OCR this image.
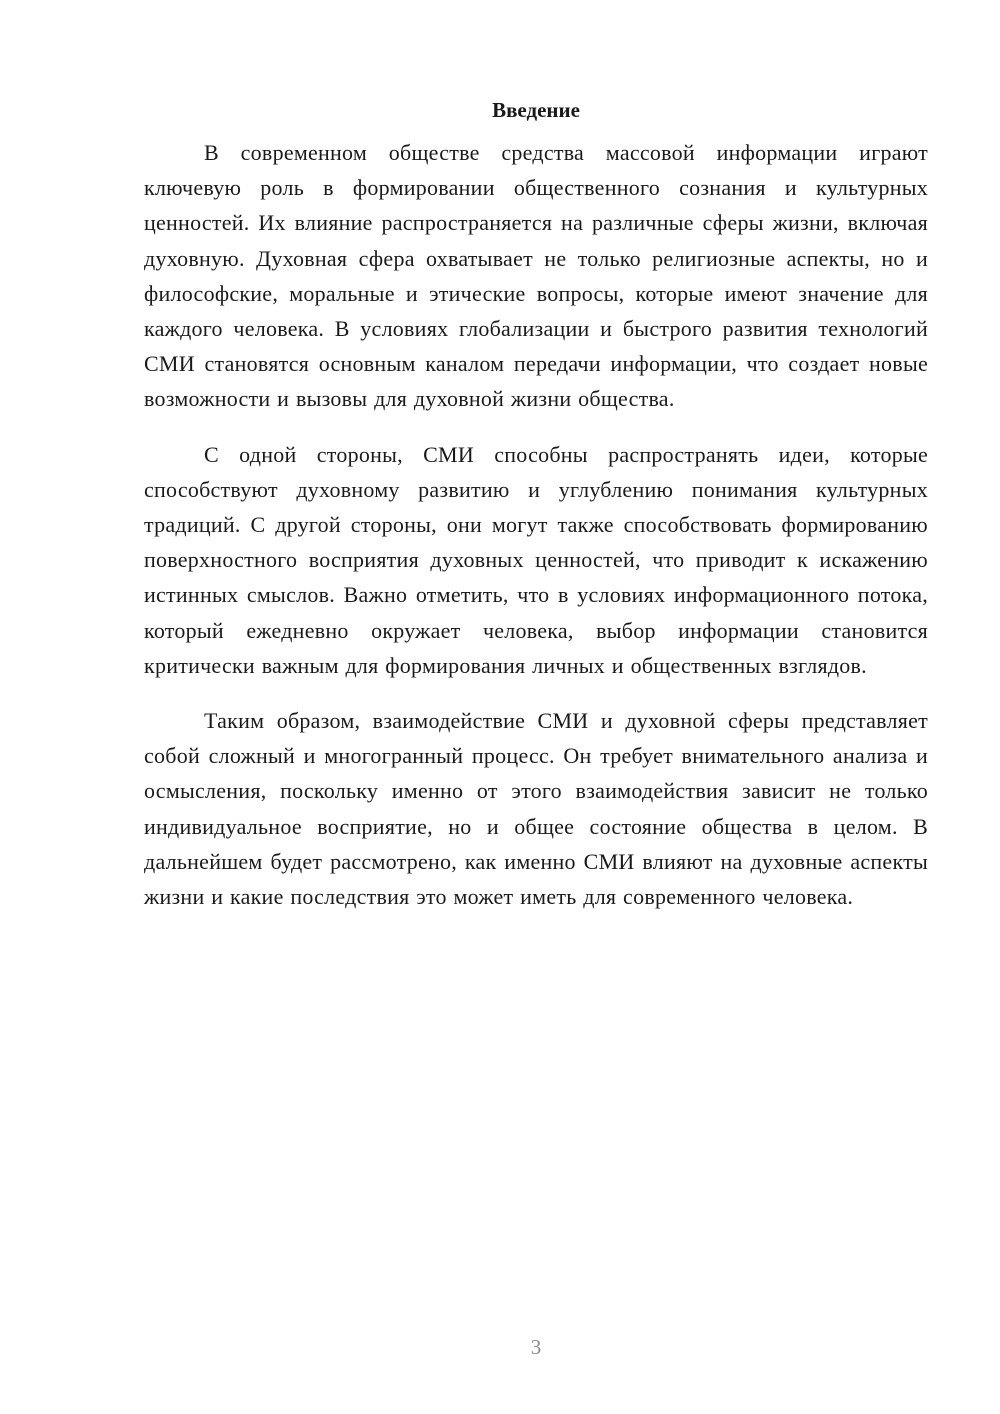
Введение

В современном обществе средства массовой информации играют ключевую роль в формировании общественного сознания и культурных ценностей. Их влияние распространяется на различные сферы жизни, включая духовную. Духовная сфера охватывает не только религиозные аспекты, но и философские, моральные и этические вопросы, которые имеют значение для каждого человека. В условиях глобализации и быстрого развития технологий СМИ становятся основным каналом передачи информации, что создает новые возможности и вызовы для духовной жизни общества.

С одной стороны, СМИ способны распространять идеи, которые способствуют духовному развитию и углублению понимания культурных традиций. С другой стороны, они могут также способствовать формированию поверхностного восприятия духовных ценностей, что приводит к искажению истинных смыслов. Важно отметить, что в условиях информационного потока, который ежедневно окружает человека, выбор информации становится критически важным для формирования личных и общественных взглядов.

Таким образом, взаимодействие СМИ и духовной сферы представляет собой сложный и многогранный процесс. Он требует внимательного анализа и осмысления, поскольку именно от этого взаимодействия зависит не только индивидуальное восприятие, но и общее состояние общества в целом. В дальнейшем будет рассмотрено, как именно СМИ влияют на духовные аспекты жизни и какие последствия это может иметь для современного человека.

3
